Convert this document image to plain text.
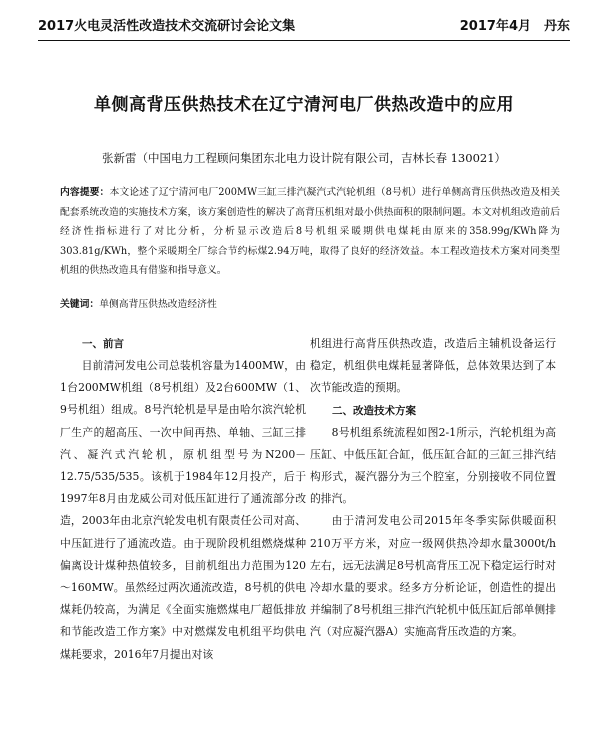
2017火电灵活性改造技术交流研讨会论文集	2017年4月　丹东
单侧高背压供热技术在辽宁清河电厂供热改造中的应用
张新雷（中国电力工程顾问集团东北电力设计院有限公司，吉林长春 130021）
内容提要：本文论述了辽宁清河电厂200MW三缸三排汽凝汽式汽轮机组（8号机）进行单侧高背压供热改造及相关配套系统改造的实施技术方案，该方案创造性的解决了高背压机组对最小供热面积的限制问题。本文对机组改造前后经济性指标进行了对比分析，分析显示改造后8号机组采暖期供电煤耗由原来的358.99g/KWh降为303.81g/KWh，整个采暖期全厂综合节约标煤2.94万吨，取得了良好的经济效益。本工程改造技术方案对同类型机组的供热改造具有借鉴和指导意义。
关键词：单侧高背压供热改造经济性
一、前言

目前清河发电公司总装机容量为1400MW，由1台200MW机组（8号机组）及2台600MW（1、9号机组）组成。8号汽轮机是早是由哈尔滨汽轮机厂生产的超高压、一次中间再热、单轴、三缸三排汽、凝汽式汽轮机，原机组型号为N200－12.75/535/535。该机于1984年12月投产，后于1997年8月由龙威公司对低压缸进行了通流部分改造，2003年由北京汽轮发电机有限责任公司对高、中压缸进行了通流改造。由于现阶段机组燃烧煤种偏离设计煤种热值较多，目前机组出力范围为120～160MW。虽然经过两次通流改造，8号机的供电煤耗仍较高，为满足《全面实施燃煤电厂超低排放和节能改造工作方案》中对燃煤发电机组平均供电煤耗要求，2016年7月提出对该

机组进行高背压供热改造，改造后主辅机设备运行稳定，机组供电煤耗显著降低，总体效果达到了本次节能改造的预期。

二、改造技术方案

8号机组系统流程如图2-1所示，汽轮机组为高压缸、中低压缸合缸，低压缸合缸的三缸三排汽结构形式，凝汽器分为三个腔室，分别接收不同位置的排汽。

由于清河发电公司2015年冬季实际供暖面积210万平方米，对应一级网供热冷却水量3000t/h左右，远无法满足8号机高背压工况下稳定运行时对冷却水量的要求。经多方分析论证，创造性的提出并编制了8号机组三排汽汽轮机中低压缸后部单侧排汽（对应凝汽器A）实施高背压改造的方案。
